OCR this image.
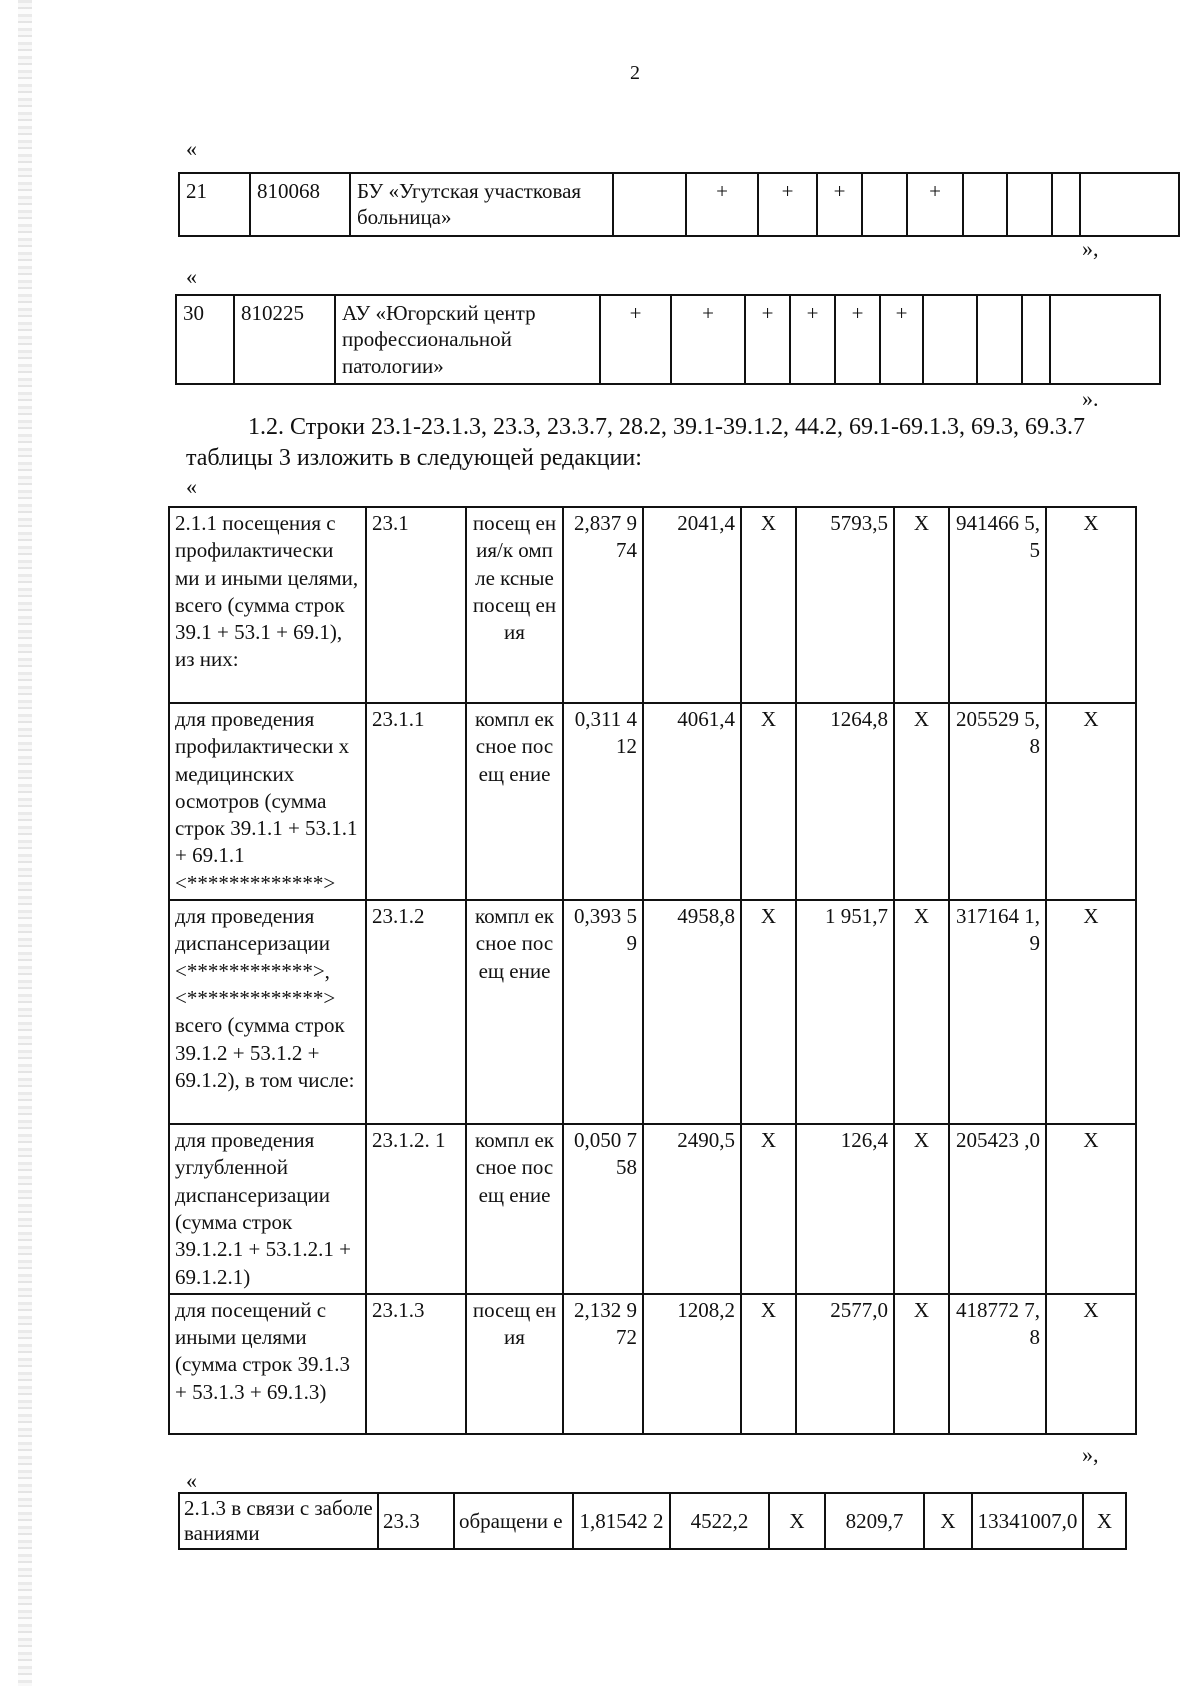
2
«
21	810068	БУ «Угутская участковая больница»		+	+	+		+				
»,
«
30	810225	АУ «Югорский центр профессиональной патологии»	+	+	+	+	+	+				
».
1.2. Строки 23.1-23.1.3, 23.3, 23.3.7, 28.2, 39.1-39.1.2, 44.2, 69.1-69.1.3, 69.3, 69.3.7 таблицы 3 изложить в следующей редакции:
«
2.1.1 посещения с профилактически ми и иными целями, всего (сумма строк 39.1 + 53.1 + 69.1), из них:	23.1	посещ ения/к омпле ксные посещ ения	2,837 974	2041,4	X	5793,5	X	941466 5,5	X
для проведения профилактически х медицинских осмотров (сумма строк 39.1.1 + 53.1.1 + 69.1.1 <*************>	23.1.1	компл ексное посещ ение	0,311 412	4061,4	X	1264,8	X	205529 5,8	X
для проведения диспансеризации <************>, <*************> всего (сумма строк 39.1.2 + 53.1.2 + 69.1.2), в том числе:	23.1.2	компл ексное посещ ение	0,393 59	4958,8	X	1 951,7	X	317164 1,9	X
для проведения углубленной диспансеризации (сумма строк 39.1.2.1 + 53.1.2.1 + 69.1.2.1)	23.1.2. 1	компл ексное посещ ение	0,050 758	2490,5	X	126,4	X	205423 ,0	X
для посещений с иными целями (сумма строк 39.1.3 + 53.1.3 + 69.1.3)	23.1.3	посещ ения	2,132 972	1208,2	X	2577,0	X	418772 7,8	X
»,
«
2.1.3 в связи с заболеваниями	23.3	обращени е	1,81542 2	4522,2	X	8209,7	X	13341007,0	X
